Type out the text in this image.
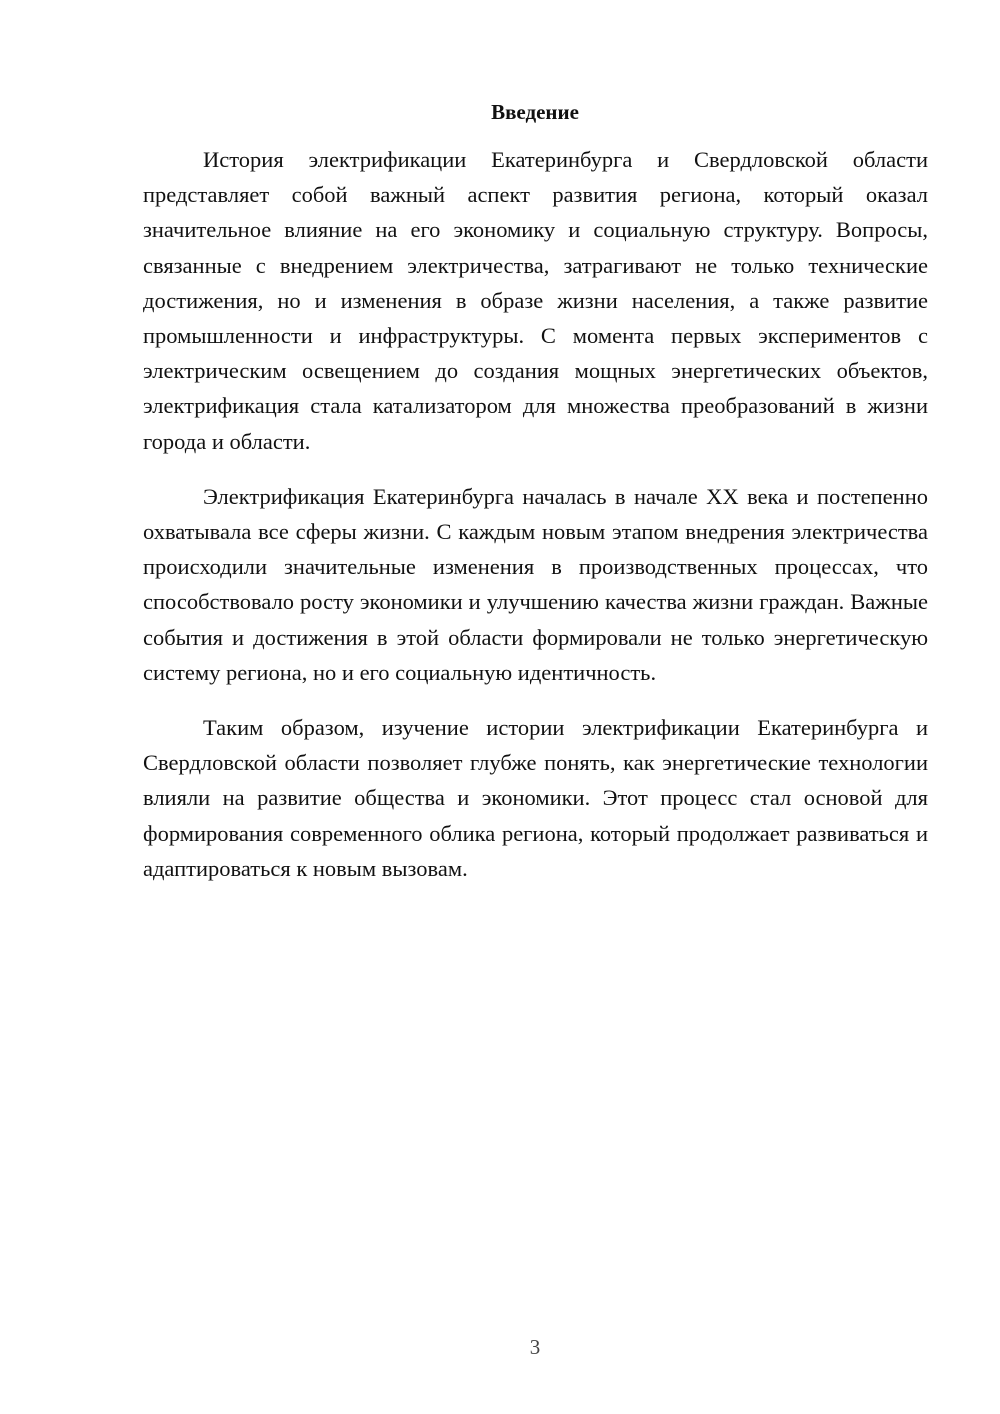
Введение

История электрификации Екатеринбурга и Свердловской области представляет собой важный аспект развития региона, который оказал значительное влияние на его экономику и социальную структуру. Вопросы, связанные с внедрением электричества, затрагивают не только технические достижения, но и изменения в образе жизни населения, а также развитие промышленности и инфраструктуры. С момента первых экспериментов с электрическим освещением до создания мощных энергетических объектов, электрификация стала катализатором для множества преобразований в жизни города и области.

Электрификация Екатеринбурга началась в начале XX века и постепенно охватывала все сферы жизни. С каждым новым этапом внедрения электричества происходили значительные изменения в производственных процессах, что способствовало росту экономики и улучшению качества жизни граждан. Важные события и достижения в этой области формировали не только энергетическую систему региона, но и его социальную идентичность.

Таким образом, изучение истории электрификации Екатеринбурга и Свердловской области позволяет глубже понять, как энергетические технологии влияли на развитие общества и экономики. Этот процесс стал основой для формирования современного облика региона, который продолжает развиваться и адаптироваться к новым вызовам.

3
